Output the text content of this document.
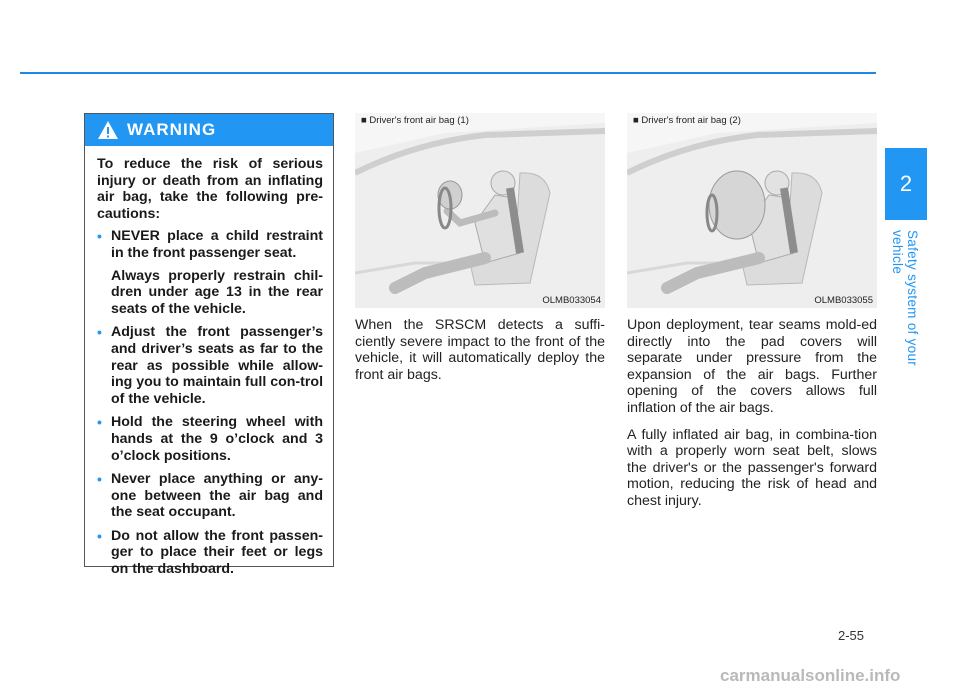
WARNING

To reduce the risk of serious injury or death from an inflating air bag, take the following pre-cautions:

• NEVER place a child restraint in the front passenger seat.
Always properly restrain chil-dren under age 13 in the rear seats of the vehicle.
• Adjust the front passenger’s and driver’s seats as far to the rear as possible while allow-ing you to maintain full con-trol of the vehicle.
• Hold the steering wheel with hands at the 9 o’clock and 3 o’clock positions.
• Never place anything or any-one between the air bag and the seat occupant.
• Do not allow the front passen-ger to place their feet or legs on the dashboard.
■ Driver's front air bag (1)
OLMB033054
■ Driver's front air bag (2)
OLMB033055

When the SRSCM detects a suffi-ciently severe impact to the front of the vehicle, it will automatically deploy the front air bags.

Upon deployment, tear seams mold-ed directly into the pad covers will separate under pressure from the expansion of the air bags. Further opening of the covers allows full inflation of the air bags.

A fully inflated air bag, in combina-tion with a properly worn seat belt, slows the driver's or the passenger's forward motion, reducing the risk of head and chest injury.

2
Safety system of your vehicle
2-55
carmanualsonline.info
